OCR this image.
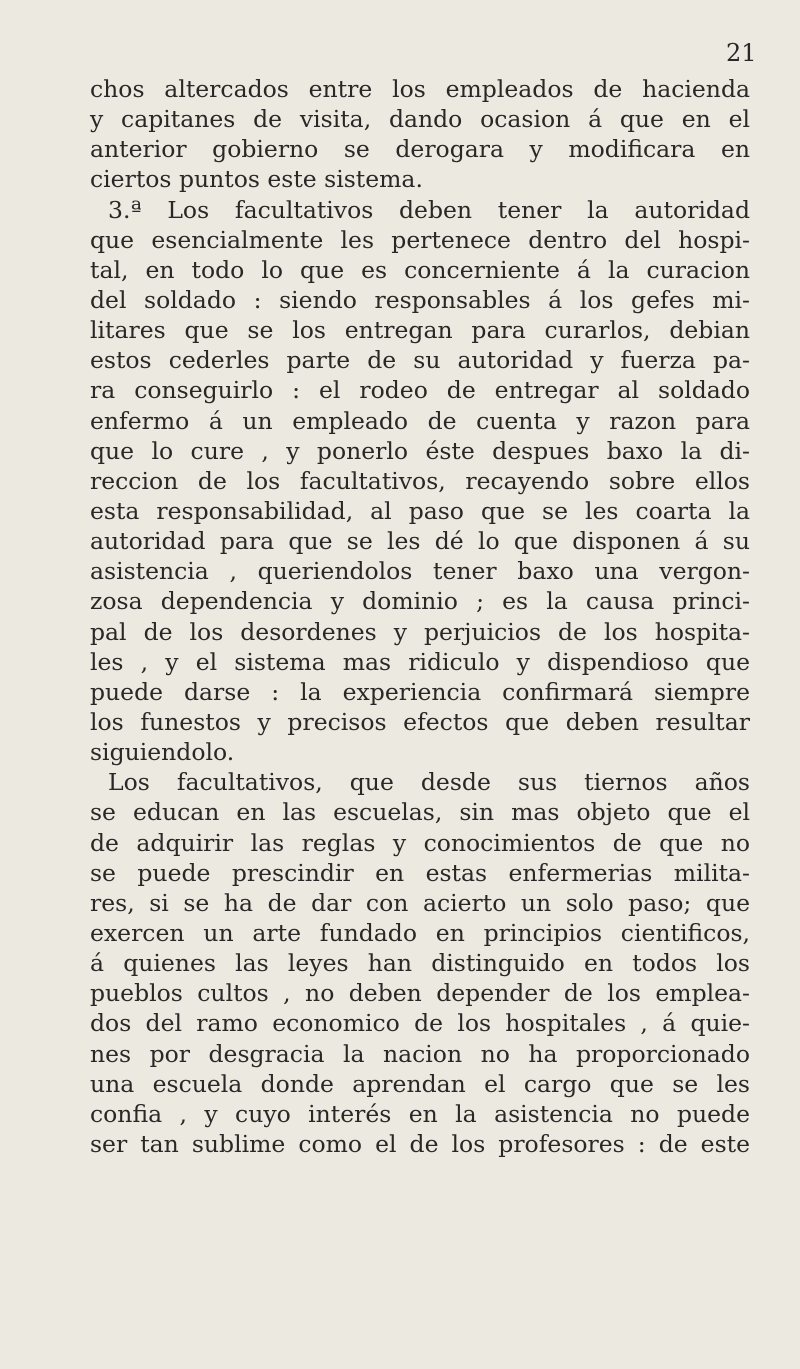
21

chos altercados entre los empleados de hacienda
y capitanes de visita, dando ocasion á que en el
anterior gobierno se derogara y modificara en
ciertos puntos este sistema.
3.ª Los facultativos deben tener la autoridad
que esencialmente les pertenece dentro del hospi-
tal, en todo lo que es concerniente á la curacion
del soldado : siendo responsables á los gefes mi-
litares que se los entregan para curarlos, debian
estos cederles parte de su autoridad y fuerza pa-
ra conseguirlo : el rodeo de entregar al soldado
enfermo á un empleado de cuenta y razon para
que lo cure , y ponerlo éste despues baxo la di-
reccion de los facultativos, recayendo sobre ellos
esta responsabilidad, al paso que se les coarta la
autoridad para que se les dé lo que disponen á su
asistencia , queriendolos tener baxo una vergon-
zosa dependencia y dominio ; es la causa princi-
pal de los desordenes y perjuicios de los hospita-
les , y el sistema mas ridiculo y dispendioso que
puede darse : la experiencia confirmará siempre
los funestos y precisos efectos que deben resultar
siguiendolo.
Los facultativos, que desde sus tiernos años
se educan en las escuelas, sin mas objeto que el
de adquirir las reglas y conocimientos de que no
se puede prescindir en estas enfermerias milita-
res, si se ha de dar con acierto un solo paso; que
exercen un arte fundado en principios cientificos,
á quienes las leyes han distinguido en todos los
pueblos cultos , no deben depender de los emplea-
dos del ramo economico de los hospitales , á quie-
nes por desgracia la nacion no ha proporcionado
una escuela donde aprendan el cargo que se les
confia , y cuyo interés en la asistencia no puede
ser tan sublime como el de los profesores : de este
